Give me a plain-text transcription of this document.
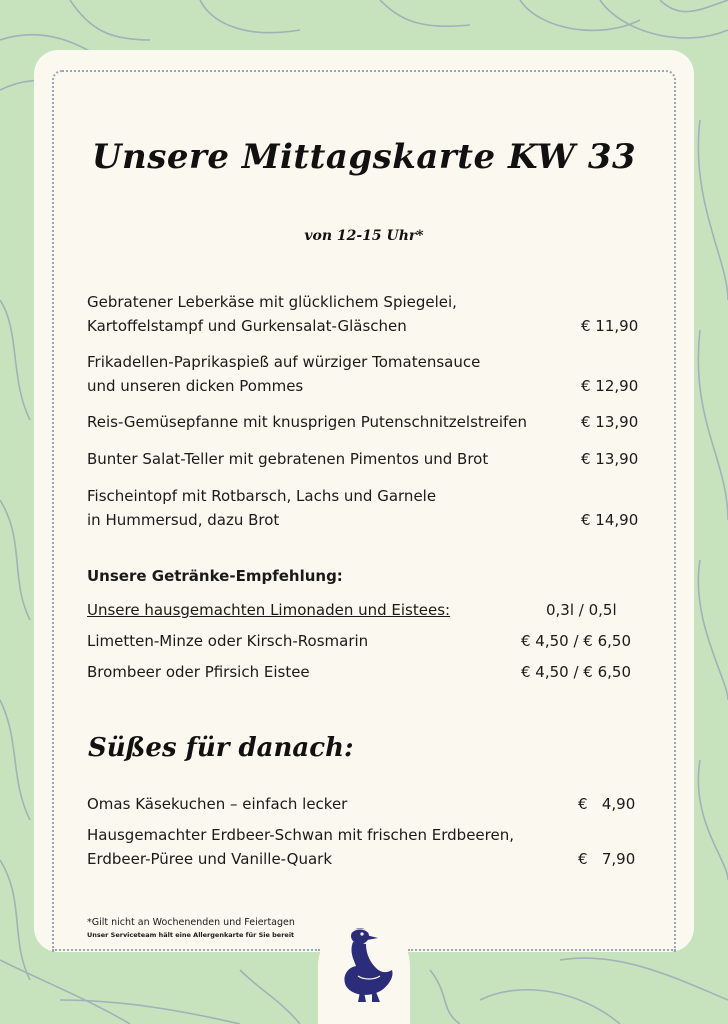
Unsere Mittagskarte KW 33
von 12-15 Uhr*
Gebratener Leberkäse mit glücklichem Spiegelei,
Kartoffelstampf und Gurkensalat-Gläschen	€ 11,90
Frikadellen-Paprikaspieß auf würziger Tomatensauce
und unseren dicken Pommes	€ 12,90
Reis-Gemüsepfanne mit knusprigen Putenschnitzelstreifen	€ 13,90
Bunter Salat-Teller mit gebratenen Pimentos und Brot	€ 13,90
Fischeintopf mit Rotbarsch, Lachs und Garnele
in Hummersud, dazu Brot	€ 14,90
Unsere Getränke-Empfehlung:
Unsere hausgemachten Limonaden und Eistees:	0,3l / 0,5l
Limetten-Minze oder Kirsch-Rosmarin	€ 4,50 / € 6,50
Brombeer oder Pfirsich Eistee	€ 4,50 / € 6,50
Süßes für danach:
Omas Käsekuchen – einfach lecker	€   4,90
Hausgemachter Erdbeer-Schwan mit frischen Erdbeeren,
Erdbeer-Püree und Vanille-Quark	€   7,90
*Gilt nicht an Wochenenden und Feiertagen
Unser Serviceteam hält eine Allergenkarte für Sie bereit
